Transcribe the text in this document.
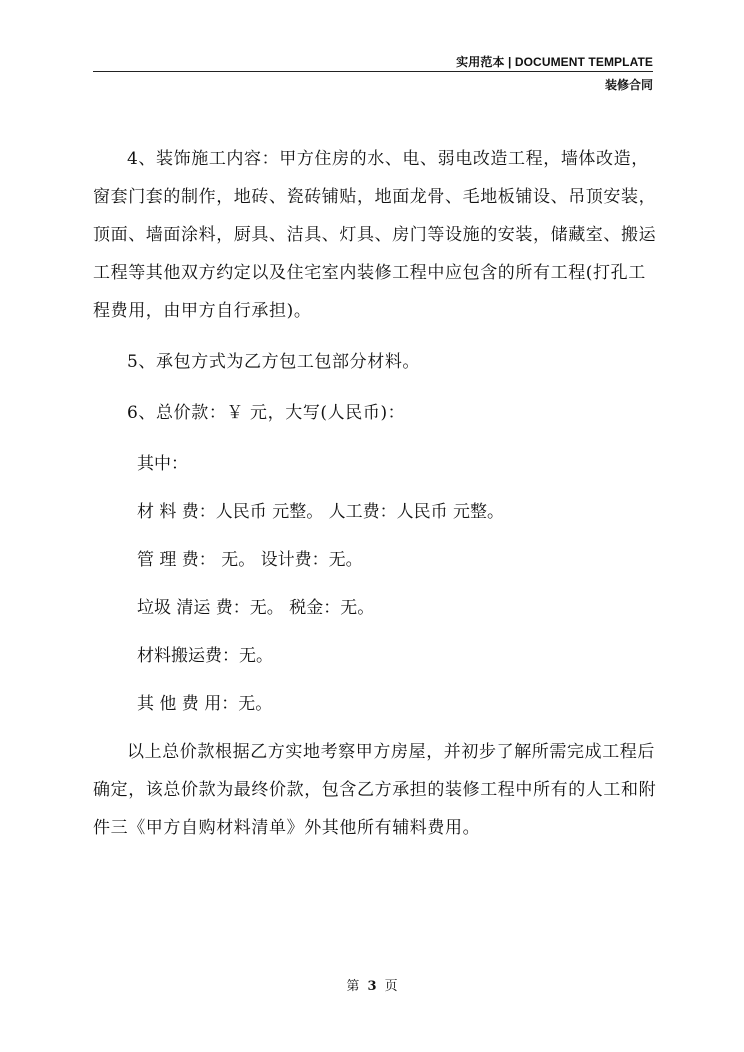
实用范本 | DOCUMENT TEMPLATE
装修合同

4、装饰施工内容：甲方住房的水、电、弱电改造工程，墙体改造，窗套门套的制作，地砖、瓷砖铺贴，地面龙骨、毛地板铺设、吊顶安装，顶面、墙面涂料，厨具、洁具、灯具、房门等设施的安装，储藏室、搬运工程等其他双方约定以及住宅室内装修工程中应包含的所有工程(打孔工程费用，由甲方自行承担)。

5、承包方式为乙方包工包部分材料。

6、总价款：￥ 元，大写(人民币)：

其中：
材 料 费：人民币 元整。 人工费：人民币 元整。
管 理 费： 无。 设计费：无。
垃圾 清运 费：无。 税金：无。
材料搬运费：无。
其 他 费 用：无。

以上总价款根据乙方实地考察甲方房屋，并初步了解所需完成工程后确定，该总价款为最终价款，包含乙方承担的装修工程中所有的人工和附件三《甲方自购材料清单》外其他所有辅料费用。

第 3 页
